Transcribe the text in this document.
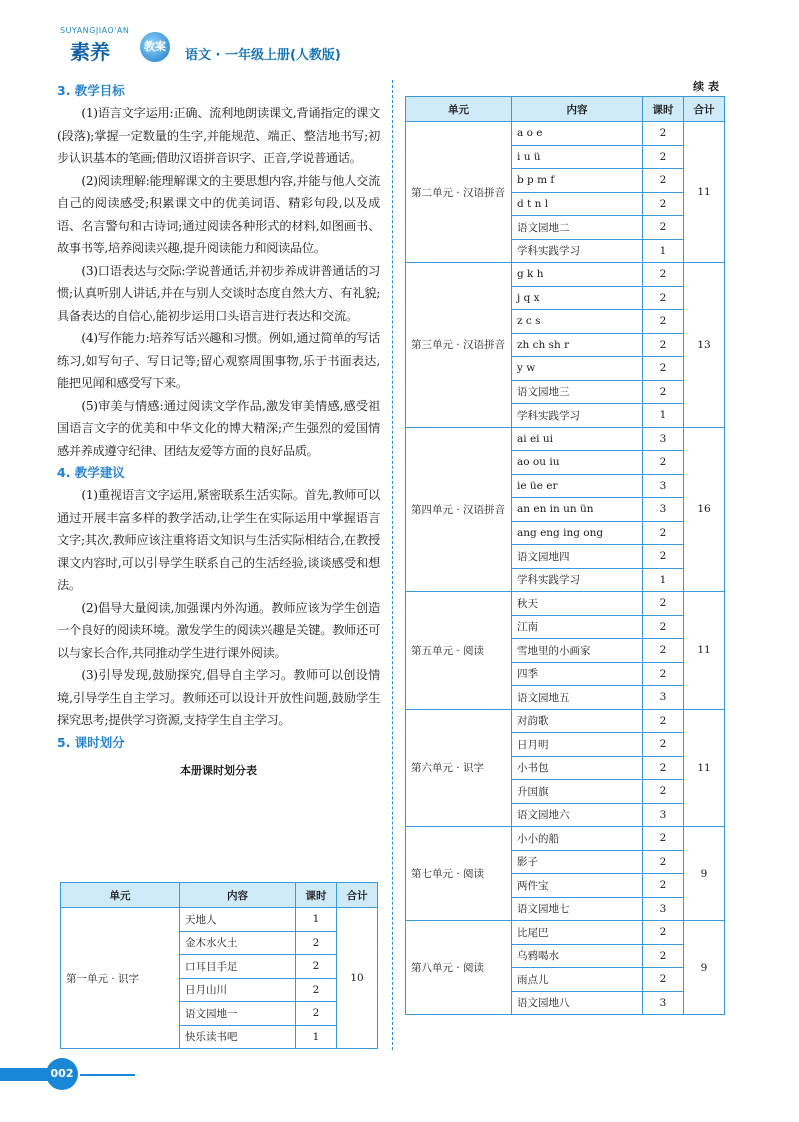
SUYANGJIAO'AN
素养	教案
语文 · 一年级上册(人教版)
3. 教学目标

(1)语言文字运用:正确、流利地朗读课文,背诵指定的课文(段落);掌握一定数量的生字,并能规范、端正、整洁地书写;初步认识基本的笔画;借助汉语拼音识字、正音,学说普通话。

(2)阅读理解:能理解课文的主要思想内容,并能与他人交流自己的阅读感受;积累课文中的优美词语、精彩句段,以及成语、名言警句和古诗词;通过阅读各种形式的材料,如图画书、故事书等,培养阅读兴趣,提升阅读能力和阅读品位。

(3)口语表达与交际:学说普通话,并初步养成讲普通话的习惯;认真听别人讲话,并在与别人交谈时态度自然大方、有礼貌;具备表达的自信心,能初步运用口头语言进行表达和交流。

(4)写作能力:培养写话兴趣和习惯。例如,通过简单的写话练习,如写句子、写日记等;留心观察周围事物,乐于书面表达,能把见闻和感受写下来。

(5)审美与情感:通过阅读文学作品,激发审美情感,感受祖国语言文字的优美和中华文化的博大精深;产生强烈的爱国情感并养成遵守纪律、团结友爱等方面的良好品质。

4. 教学建议

(1)重视语言文字运用,紧密联系生活实际。首先,教师可以通过开展丰富多样的教学活动,让学生在实际运用中掌握语言文字;其次,教师应该注重将语文知识与生活实际相结合,在教授课文内容时,可以引导学生联系自己的生活经验,谈谈感受和想法。

(2)倡导大量阅读,加强课内外沟通。教师应该为学生创造一个良好的阅读环境。激发学生的阅读兴趣是关键。教师还可以与家长合作,共同推动学生进行课外阅读。

(3)引导发现,鼓励探究,倡导自主学习。教师可以创设情境,引导学生自主学习。教师还可以设计开放性问题,鼓励学生探究思考;提供学习资源,支持学生自主学习。

5. 课时划分
本册课时划分表
单元	内容	课时	合计
第一单元 · 识字	天地人	1	10
	金木水火土	2	
	口耳目手足	2	
	日月山川	2	
	语文园地一	2	
	快乐读书吧	1	
续 表
单元	内容	课时	合计
第二单元 · 汉语拼音	a o e	2	11
	i u ü	2	
	b p m f	2	
	d t n l	2	
	语文园地二	2	
	学科实践学习	1	
第三单元 · 汉语拼音	g k h	2	13
	j q x	2	
	z c s	2	
	zh ch sh r	2	
	y w	2	
	语文园地三	2	
	学科实践学习	1	
第四单元 · 汉语拼音	ai ei ui	3	16
	ao ou iu	2	
	ie üe er	3	
	an en in un ün	3	
	ang eng ing ong	2	
	语文园地四	2	
	学科实践学习	1	
第五单元 · 阅读	秋天	2	11
	江南	2	
	雪地里的小画家	2	
	四季	2	
	语文园地五	3	
第六单元 · 识字	对韵歌	2	11
	日月明	2	
	小书包	2	
	升国旗	2	
	语文园地六	3	
第七单元 · 阅读	小小的船	2	9
	影子	2	
	两件宝	2	
	语文园地七	3	
第八单元 · 阅读	比尾巴	2	9
	乌鸦喝水	2	
	雨点儿	2	
	语文园地八	3	
002
